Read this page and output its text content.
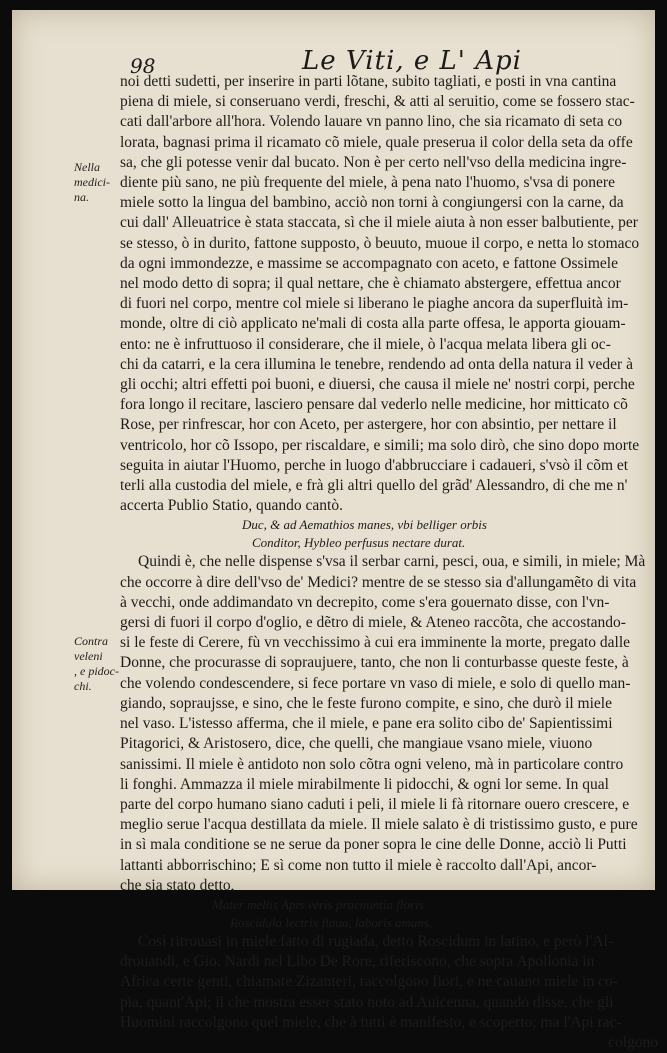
98	Le Viti, e L' Api
Nella
medici-
na.
Contra
veleni
, e pidoc-
chi.
noi detti sudetti, per inserire in parti lõtane, subito tagliati, e posti in vna cantina
piena di miele, si conseruano verdi, freschi, & atti al seruitio, come se fossero stac-
cati dall'arbore all'hora. Volendo lauare vn panno lino, che sia ricamato di seta co
lorata, bagnasi prima il ricamato cõ miele, quale preserua il color della seta da offe
sa, che gli potesse venir dal bucato. Non è per certo nell'vso della medicina ingre-
diente più sano, ne più frequente del miele, à pena nato l'huomo, s'vsa di ponere
miele sotto la lingua del bambino, acciò non torni à congiungersi con la carne, da
cui dall' Alleuatrice è stata staccata, sì che il miele aiuta à non esser balbutiente, per
se stesso, ò in durito, fattone supposto, ò beuuto, muoue il corpo, e netta lo stomaco
da ogni immondezze, e massime se accompagnato con aceto, e fattone Ossimele
nel modo detto di sopra; il qual nettare, che è chiamato abstergere, effettua ancor
di fuori nel corpo, mentre col miele si liberano le piaghe ancora da superfluità im-
monde, oltre di ciò applicato ne'mali di costa alla parte offesa, le apporta giouam-
ento: ne è infruttuoso il considerare, che il miele, ò l'acqua melata libera gli oc-
chi da catarri, e la cera illumina le tenebre, rendendo ad onta della natura il veder à
gli occhi; altri effetti poi buoni, e diuersi, che causa il miele ne' nostri corpi, perche
fora longo il recitare, lasciero pensare dal vederlo nelle medicine, hor mitticato cõ
Rose, per rinfrescar, hor con Aceto, per astergere, hor con absintio, per nettare il
ventricolo, hor cõ Issopo, per riscaldare, e simili; ma solo dirò, che sino dopo morte
seguita in aiutar l'Huomo, perche in luogo d'abbrucciare i cadaueri, s'vsò il cõm et
terli alla custodia del miele, e frà gli altri quello del grãd' Alessandro, di che me n'
accerta Publio Statio, quando cantò.
Duc, & ad Aemathios manes, vbi belliger orbis
Conditor, Hybleo perfusus nectare durat.
Quindi è, che nelle dispense s'vsa il serbar carni, pesci, oua, e simili, in miele; Mà
che occorre à dire dell'vso de' Medici? mentre de se stesso sia d'allungamẽto di vita
à vecchi, onde addimandato vn decrepito, come s'era gouernato disse, con l'vn-
gersi di fuori il corpo d'oglio, e dẽtro di miele, & Ateneo raccõta, che accostando-
si le feste di Cerere, fù vn vecchissimo à cui era imminente la morte, pregato dalle
Donne, che procurasse di sopraujuere, tanto, che non li conturbasse queste feste, à
che volendo condescendere, si fece portare vn vaso di miele, e solo di quello man-
giando, sopraujsse, e sino, che le feste furono compite, e sino, che durò il miele
nel vaso. L'istesso afferma, che il miele, e pane era solito cibo de' Sapientissimi
Pitagorici, & Aristosero, dice, che quelli, che mangiaue vsano miele, viuono
sanissimi. Il miele è antidoto non solo cõtra ogni veleno, mà in particolare contro
li fonghi. Ammazza il miele mirabilmente li pidocchi, & ogni lor seme. In qual
parte del corpo humano siano caduti i peli, il miele li fà ritornare ouero crescere, e
meglio serue l'acqua destillata da miele. Il miele salato è di tristissimo gusto, e pure
in sì mala conditione se ne serue da poner sopra le cine delle Donne, acciò li Putti
lattanti abborrischino; E sì come non tutto il miele è raccolto dall'Api, ancor-
che sia stato detto,
Mater mellis Apis veris praenuntia floris
Roscidula lectrix flaua, laboris amans.
Così ritrouasi in miele fatto di rugiada, detto Roscidum in latino, e però l'Al-
drouandi, e Gio. Nardi nel Libo De Rore, riferiscono, che sopra Apollonia in
Africa certe genti, chiamate Zizanteri, raccolgono fiori, e ne cauano miele in co-
pia, quant'Api; il che mostra esser stato noto ad Auicenna, quando disse, che gli
Huomini raccolgono quel miele, che à tutti è manifesto, e scoperto; ma l'Api rac-
colgono
